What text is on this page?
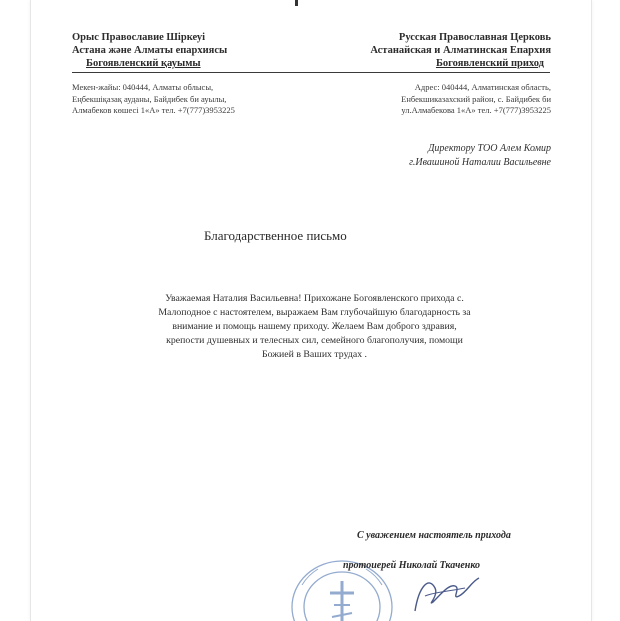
Орыс Православие Шіркеуі
Астана және Алматы епархиясы
Русская Православная Церковь
Астанайская и Алматинская Епархия
Богоявленский қауымы	Богоявленский приход
Мекен-жайы: 040444, Алматы облысы,
Еңбекшіқазақ ауданы, Байдибек би ауылы,
Алмабеков көшесі 1«А» тел. +7(777)3953225
Адрес: 040444, Алматинская область,
Енбекшиказахский район, с. Байдибек би
ул.Алмабекова 1«А» тел. +7(777)3953225
Директору ТОО Алем Комир
г.Ивашиной Наталии Васильевне
Благодарственное письмо
Уважаемая Наталия Васильевна! Прихожане Богоявленского прихода с.
Малоподное с настоятелем, выражаем Вам глубочайшую благодарность за
внимание и помощь нашему приходу. Желаем Вам доброго здравия,
крепости душевных и телесных сил, семейного благополучия, помощи
Божией в Ваших трудах .
С уважением настоятель прихода
протоиерей Николай Ткаченко
